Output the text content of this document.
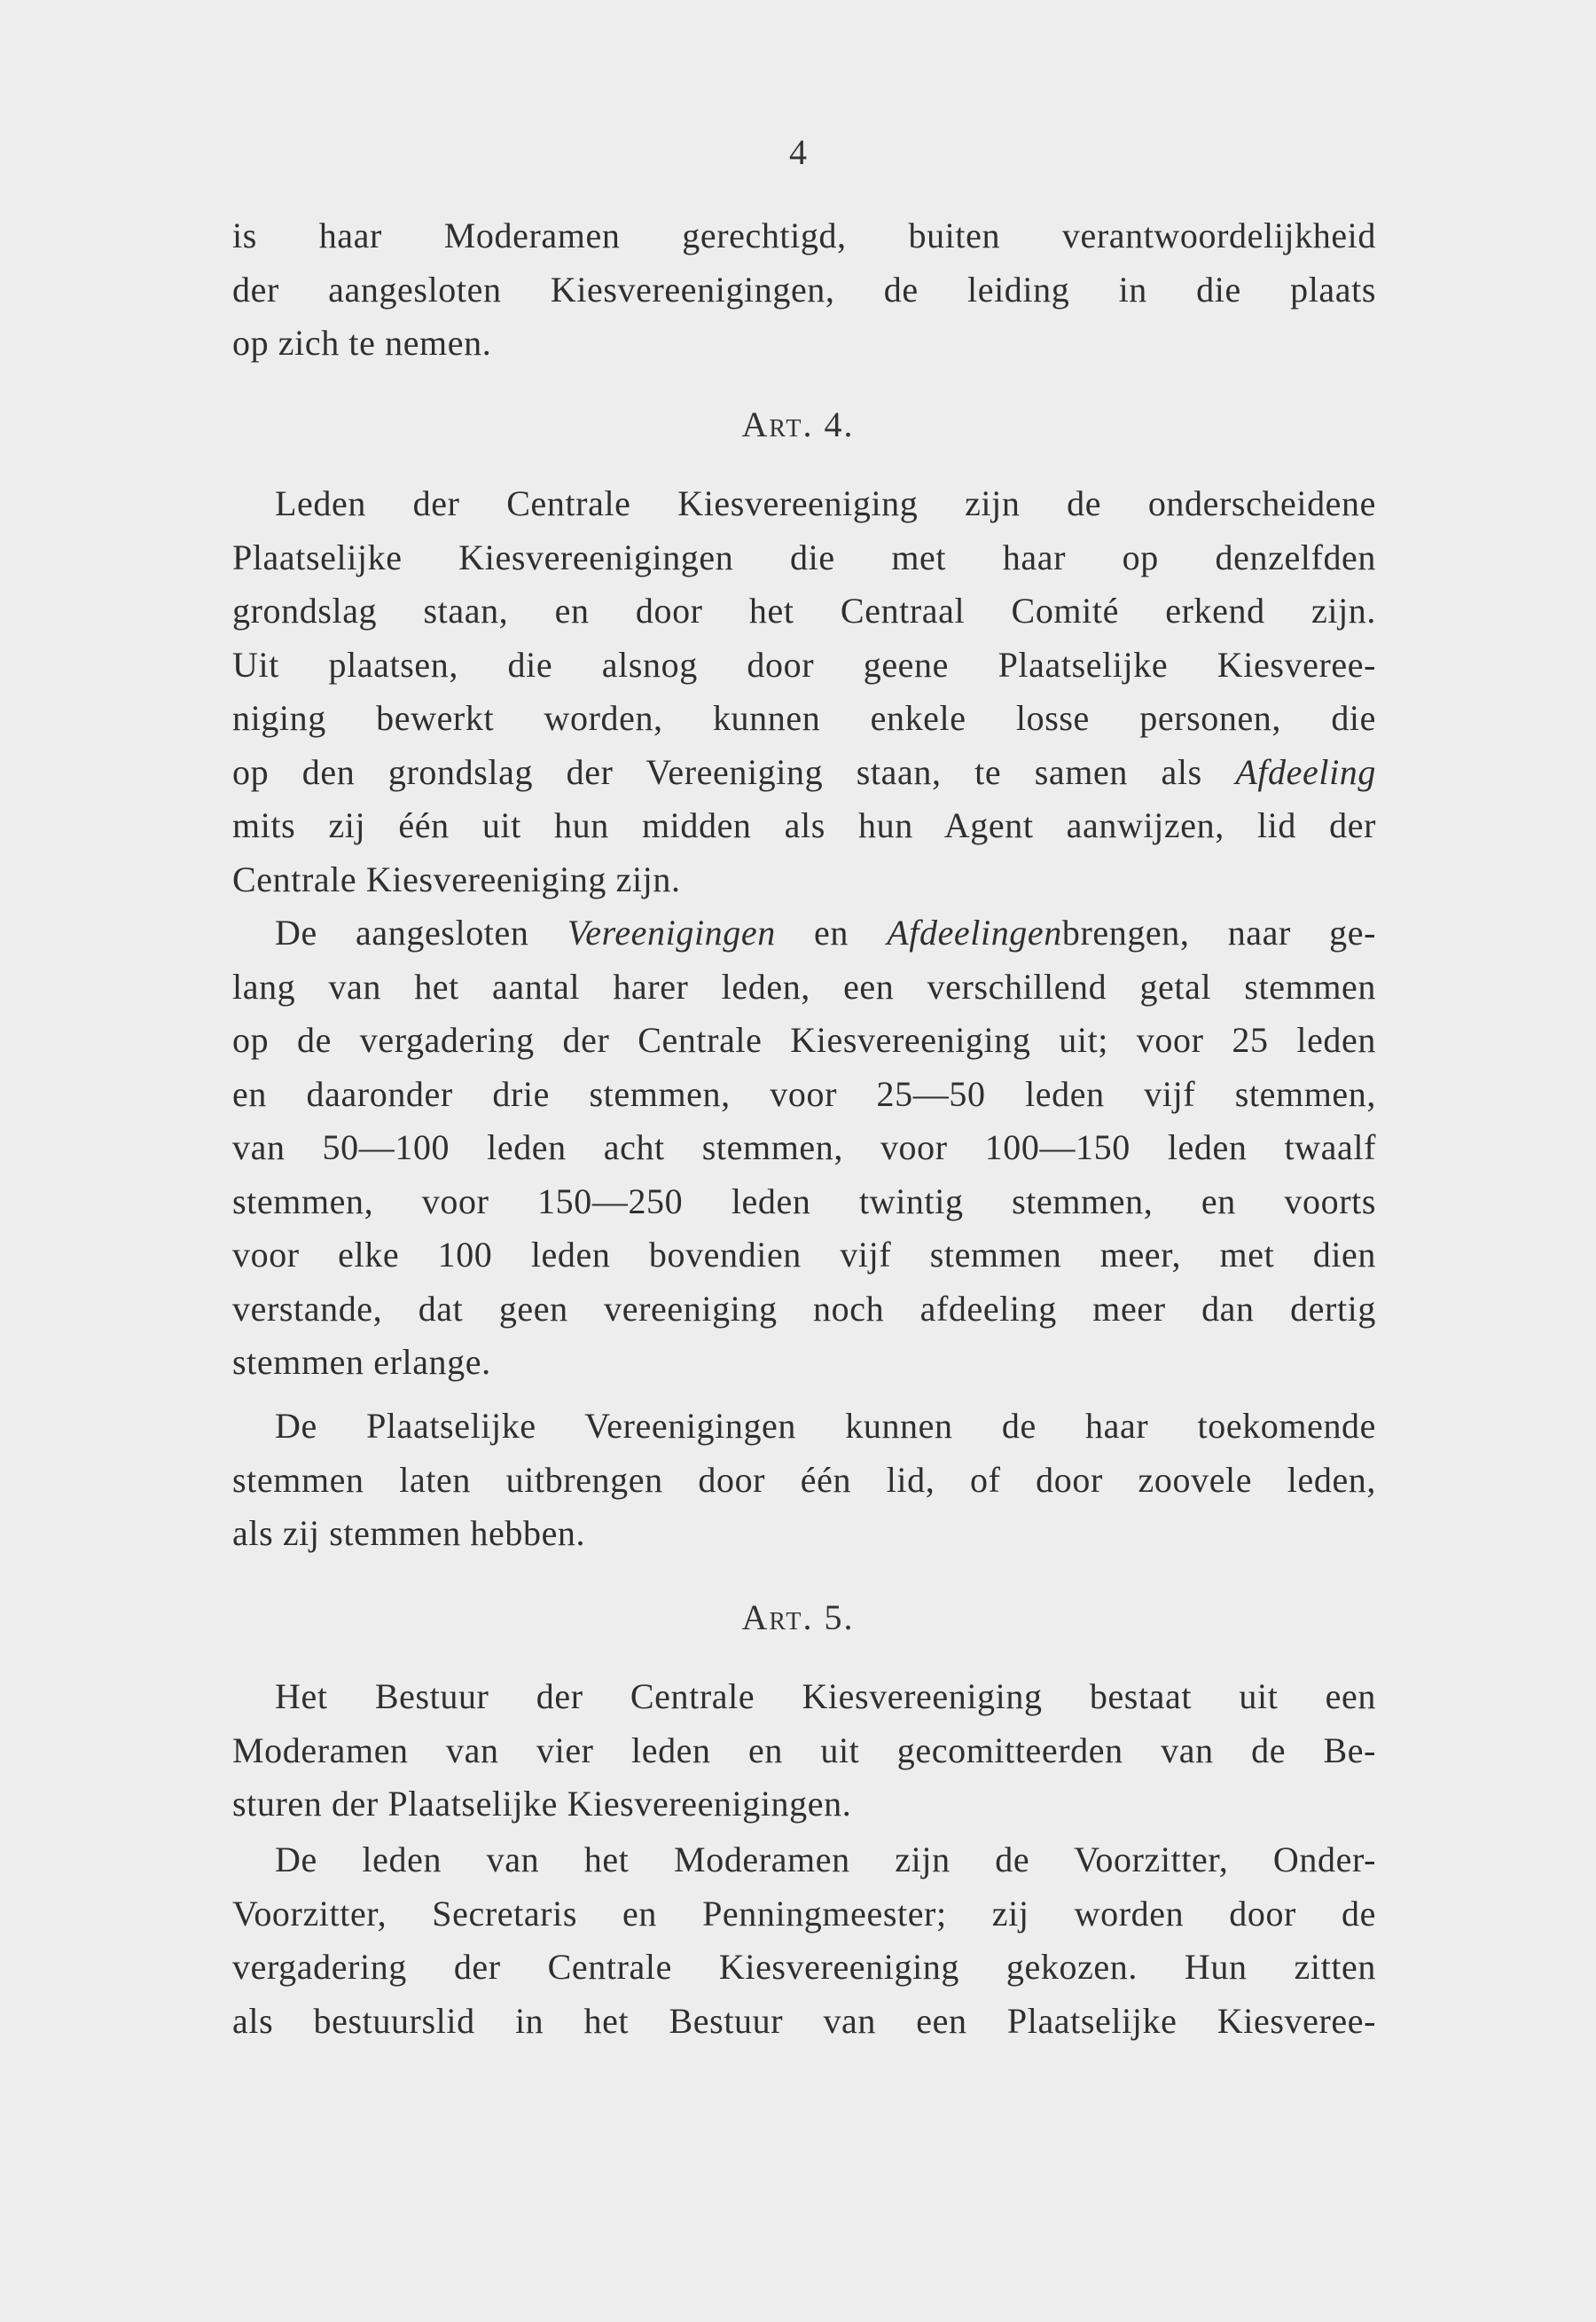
4
is haar Moderamen gerechtigd, buiten verantwoordelijkheid
der aangesloten Kiesvereenigingen, de leiding in die plaats
op zich te nemen.
Art. 4.
Leden der Centrale Kiesvereeniging zijn de onderscheidene
Plaatselijke Kiesvereenigingen die met haar op denzelfden
grondslag staan, en door het Centraal Comité erkend zijn.
Uit plaatsen, die alsnog door geene Plaatselijke Kiesveree-
niging bewerkt worden, kunnen enkele losse personen, die
op den grondslag der Vereeniging staan, te samen als Afdeeling
mits zij één uit hun midden als hun Agent aanwijzen, lid der
Centrale Kiesvereeniging zijn.
De aangesloten Vereenigingen en Afdeelingenbrengen, naar ge-
lang van het aantal harer leden, een verschillend getal stemmen
op de vergadering der Centrale Kiesvereeniging uit; voor 25 leden
en daaronder drie stemmen, voor 25—50 leden vijf stemmen,
van 50—100 leden acht stemmen, voor 100—150 leden twaalf
stemmen, voor 150—250 leden twintig stemmen, en voorts
voor elke 100 leden bovendien vijf stemmen meer, met dien
verstande, dat geen vereeniging noch afdeeling meer dan dertig
stemmen erlange.
De Plaatselijke Vereenigingen kunnen de haar toekomende
stemmen laten uitbrengen door één lid, of door zoovele leden,
als zij stemmen hebben.
Art. 5.
Het Bestuur der Centrale Kiesvereeniging bestaat uit een
Moderamen van vier leden en uit gecomitteerden van de Be-
sturen der Plaatselijke Kiesvereenigingen.
De leden van het Moderamen zijn de Voorzitter, Onder-
Voorzitter, Secretaris en Penningmeester; zij worden door de
vergadering der Centrale Kiesvereeniging gekozen. Hun zitten
als bestuurslid in het Bestuur van een Plaatselijke Kiesveree-
